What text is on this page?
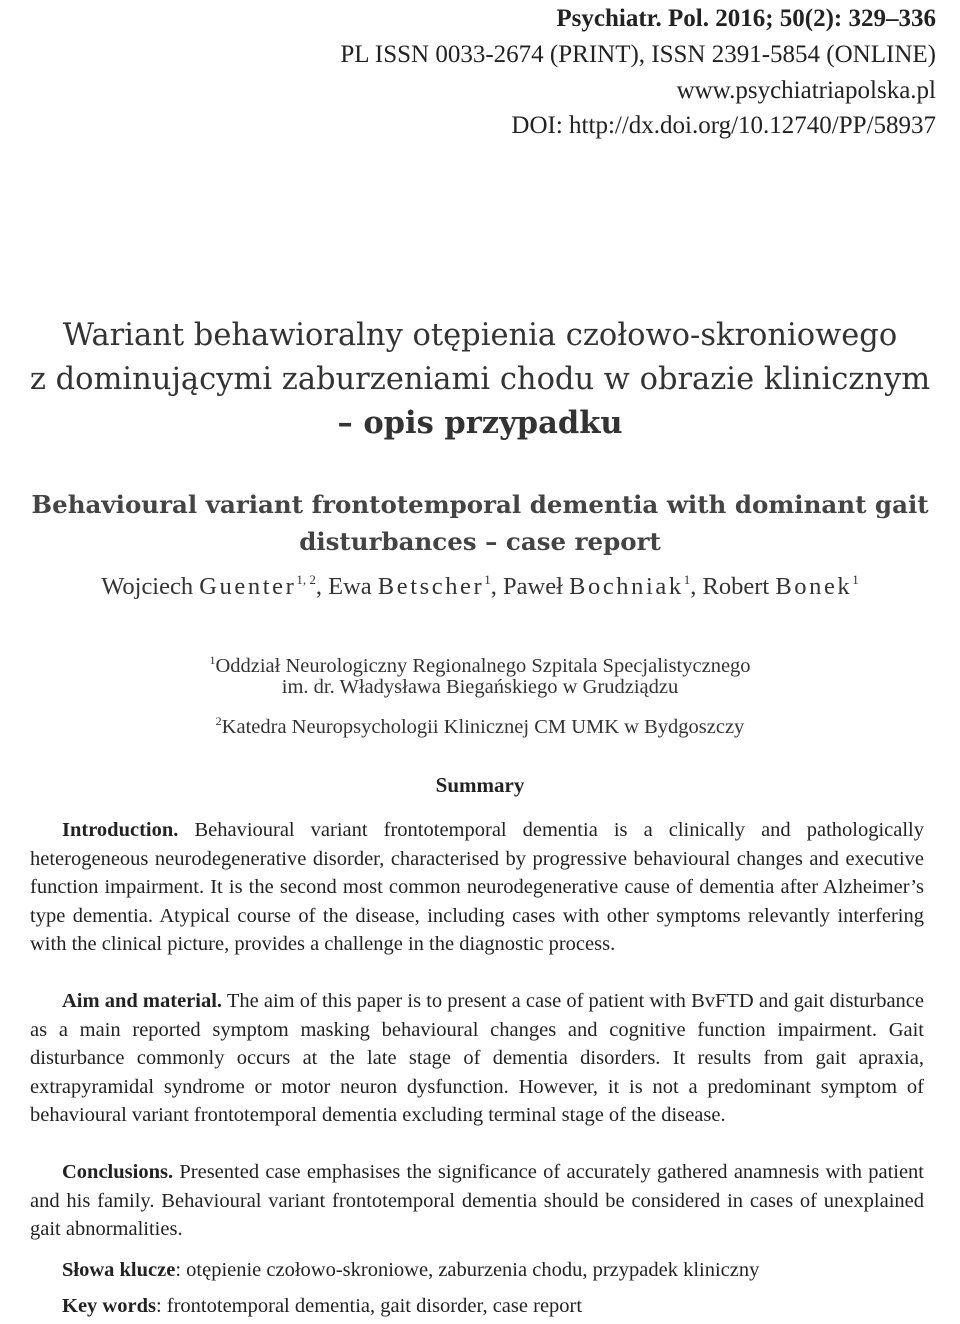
Psychiatr. Pol. 2016; 50(2): 329–336
PL ISSN 0033-2674 (PRINT), ISSN 2391-5854 (ONLINE)
www.psychiatriapolska.pl
DOI: http://dx.doi.org/10.12740/PP/58937
Wariant behawioralny otępienia czołowo-skroniowego
z dominującymi zaburzeniami chodu w obrazie klinicznym
– opis przypadku
Behavioural variant frontotemporal dementia with dominant gait
disturbances – case report
Wojciech Guenter$^{1, 2}$, Ewa Betscher$^1$, Paweł Bochniak$^1$, Robert Bonek$^1$
$^1$Oddział Neurologiczny Regionalnego Szpitala Specjalistycznego
im. dr. Władysława Biegańskiego w Grudziądzu
$^2$Katedra Neuropsychologii Klinicznej CM UMK w Bydgoszczy
Summary
Introduction. Behavioural variant frontotemporal dementia is a clinically and pathologically heterogeneous neurodegenerative disorder, characterised by progressive behavioural changes and executive function impairment. It is the second most common neurodegenerative cause of dementia after Alzheimer’s type dementia. Atypical course of the disease, including cases with other symptoms relevantly interfering with the clinical picture, provides a challenge in the diagnostic process.
Aim and material. The aim of this paper is to present a case of patient with BvFTD and gait disturbance as a main reported symptom masking behavioural changes and cognitive function impairment. Gait disturbance commonly occurs at the late stage of dementia disorders. It results from gait apraxia, extrapyramidal syndrome or motor neuron dysfunction. However, it is not a predominant symptom of behavioural variant frontotemporal dementia excluding terminal stage of the disease.
Conclusions. Presented case emphasises the significance of accurately gathered anamnesis with patient and his family. Behavioural variant frontotemporal dementia should be considered in cases of unexplained gait abnormalities.
Słowa klucze: otępienie czołowo-skroniowe, zaburzenia chodu, przypadek kliniczny
Key words: frontotemporal dementia, gait disorder, case report
